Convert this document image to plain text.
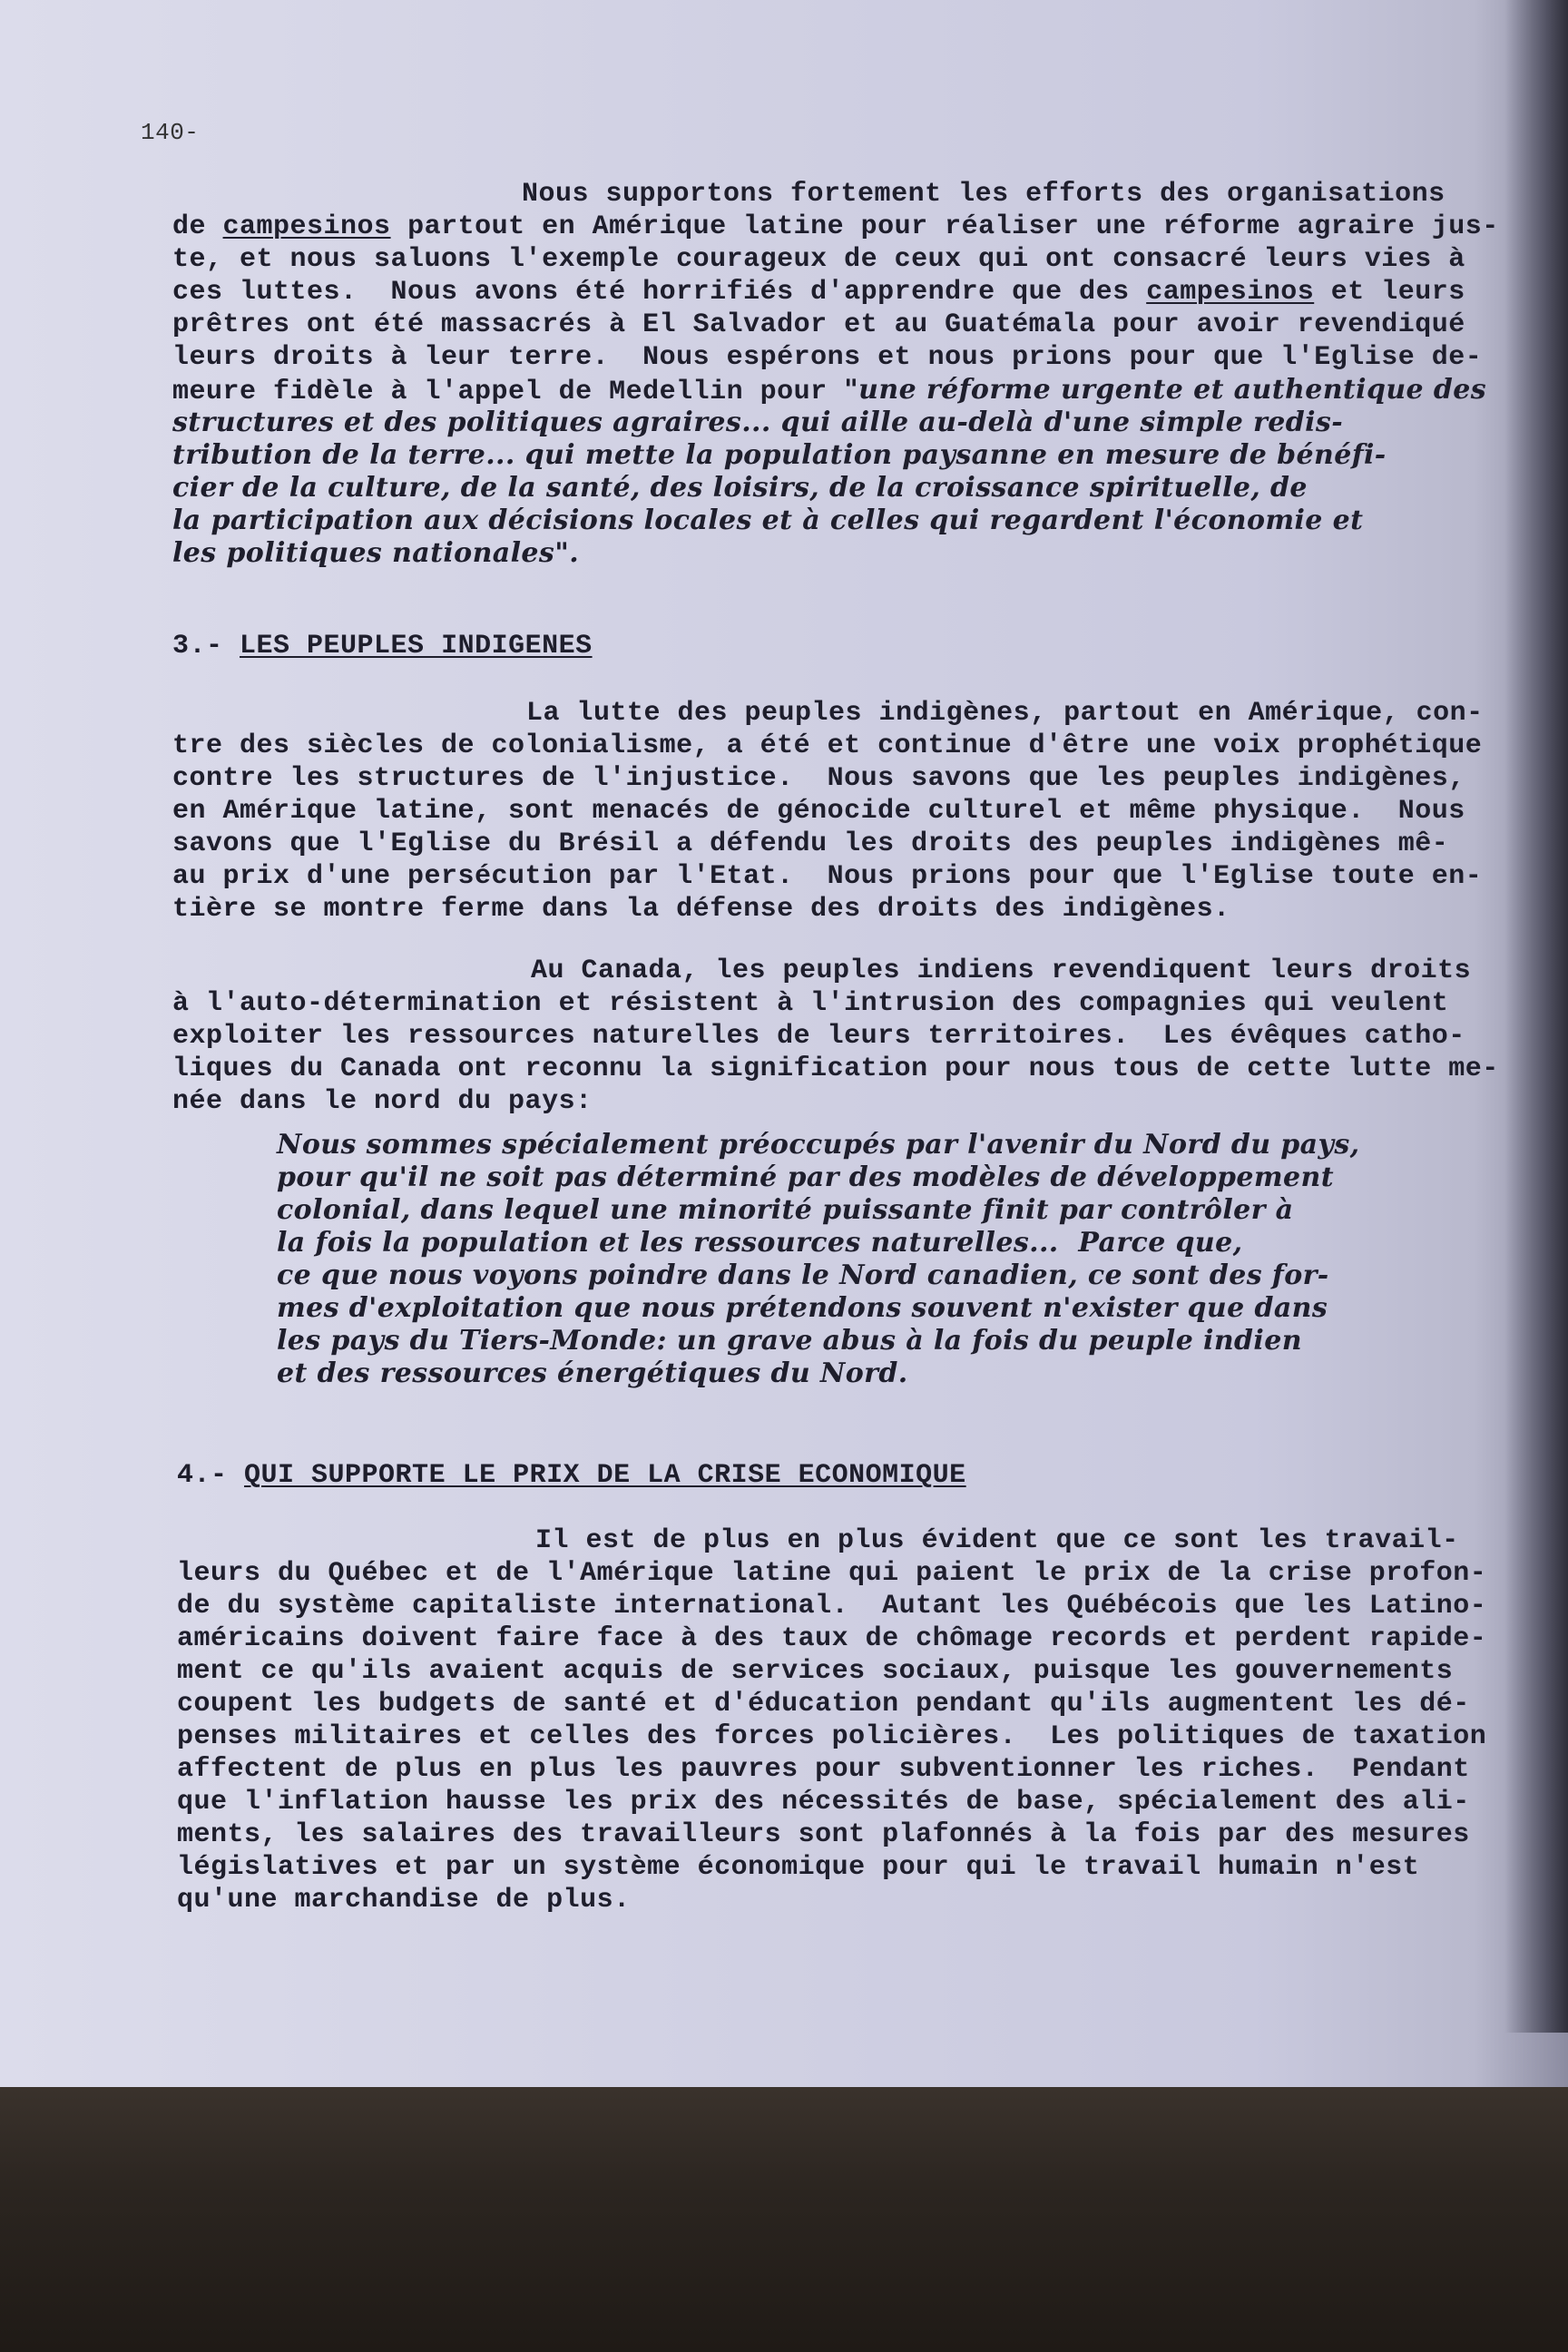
140-
Nous supportons fortement les efforts des organisations
de campesinos partout en Amérique latine pour réaliser une réforme agraire jus-
te, et nous saluons l'exemple courageux de ceux qui ont consacré leurs vies à
ces luttes.  Nous avons été horrifiés d'apprendre que des campesinos et leurs
prêtres ont été massacrés à El Salvador et au Guatémala pour avoir revendiqué
leurs droits à leur terre.  Nous espérons et nous prions pour que l'Eglise de-
meure fidèle à l'appel de Medellin pour "une réforme urgente et authentique des
structures et des politiques agraires... qui aille au-delà d'une simple redis-
tribution de la terre... qui mette la population paysanne en mesure de bénéfi-
cier de la culture, de la santé, des loisirs, de la croissance spirituelle, de
la participation aux décisions locales et à celles qui regardent l'économie et
les politiques nationales".
3.- LES PEUPLES INDIGENES
La lutte des peuples indigènes, partout en Amérique, con-
tre des siècles de colonialisme, a été et continue d'être une voix prophétique
contre les structures de l'injustice.  Nous savons que les peuples indigènes,
en Amérique latine, sont menacés de génocide culturel et même physique.  Nous
savons que l'Eglise du Brésil a défendu les droits des peuples indigènes mê-
au prix d'une persécution par l'Etat.  Nous prions pour que l'Eglise toute en-
tière se montre ferme dans la défense des droits des indigènes.
Au Canada, les peuples indiens revendiquent leurs droits
à l'auto-détermination et résistent à l'intrusion des compagnies qui veulent
exploiter les ressources naturelles de leurs territoires.  Les évêques catho-
liques du Canada ont reconnu la signification pour nous tous de cette lutte me-
née dans le nord du pays:
Nous sommes spécialement préoccupés par l'avenir du Nord du pays,
pour qu'il ne soit pas déterminé par des modèles de développement
colonial, dans lequel une minorité puissante finit par contrôler à
la fois la population et les ressources naturelles...  Parce que,
ce que nous voyons poindre dans le Nord canadien, ce sont des for-
mes d'exploitation que nous prétendons souvent n'exister que dans
les pays du Tiers-Monde: un grave abus à la fois du peuple indien
et des ressources énergétiques du Nord.
4.- QUI SUPPORTE LE PRIX DE LA CRISE ECONOMIQUE
Il est de plus en plus évident que ce sont les travail-
leurs du Québec et de l'Amérique latine qui paient le prix de la crise profon-
de du système capitaliste international.  Autant les Québécois que les Latino-
américains doivent faire face à des taux de chômage records et perdent rapide-
ment ce qu'ils avaient acquis de services sociaux, puisque les gouvernements
coupent les budgets de santé et d'éducation pendant qu'ils augmentent les dé-
penses militaires et celles des forces policières.  Les politiques de taxation
affectent de plus en plus les pauvres pour subventionner les riches.  Pendant
que l'inflation hausse les prix des nécessités de base, spécialement des ali-
ments, les salaires des travailleurs sont plafonnés à la fois par des mesures
législatives et par un système économique pour qui le travail humain n'est
qu'une marchandise de plus.
